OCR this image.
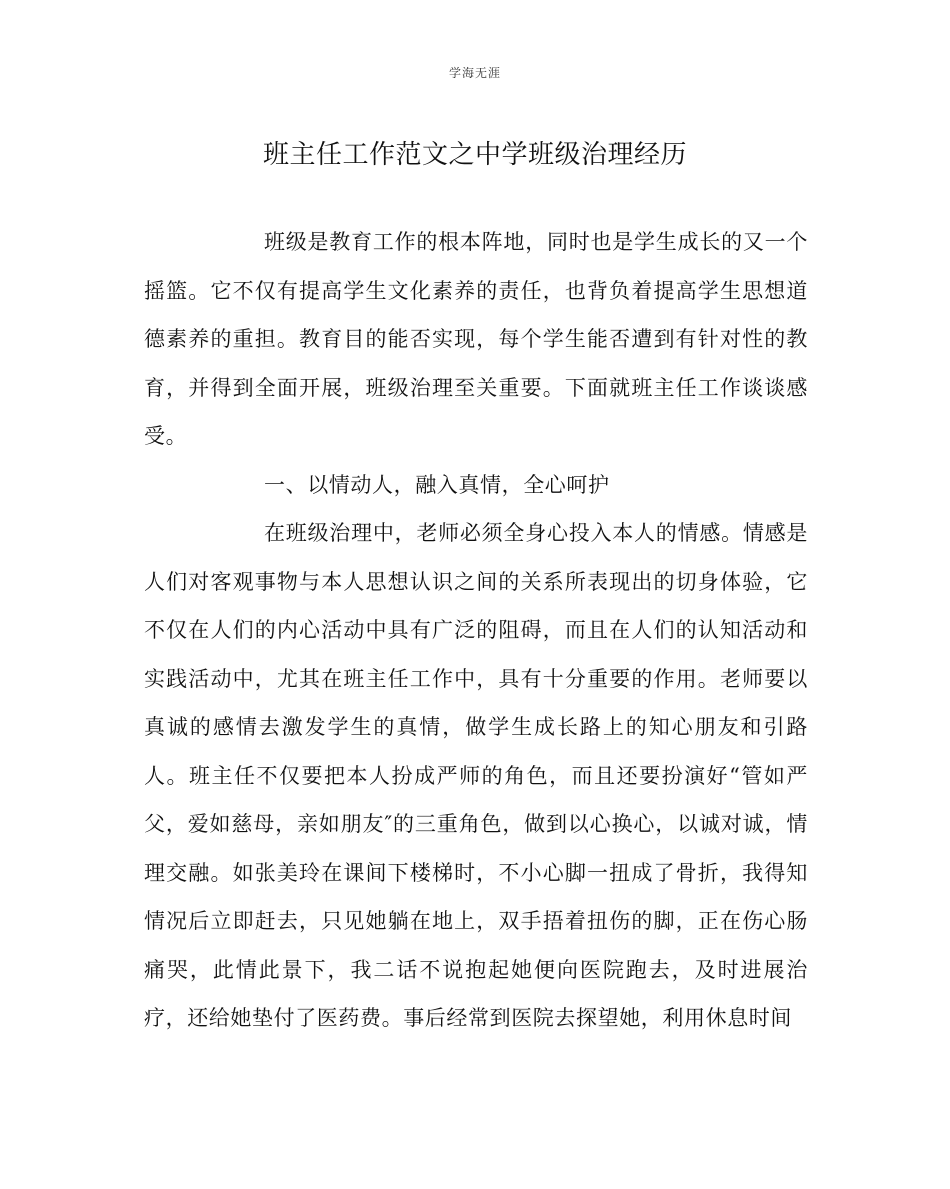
学海无涯
班主任工作范文之中学班级治理经历

班级是教育工作的根本阵地，同时也是学生成长的又一个摇篮。它不仅有提高学生文化素养的责任，也背负着提高学生思想道德素养的重担。教育目的能否实现，每个学生能否遭到有针对性的教育，并得到全面开展，班级治理至关重要。下面就班主任工作谈谈感受。

一、以情动人，融入真情，全心呵护

在班级治理中，老师必须全身心投入本人的情感。情感是人们对客观事物与本人思想认识之间的关系所表现出的切身体验，它不仅在人们的内心活动中具有广泛的阻碍，而且在人们的认知活动和实践活动中，尤其在班主任工作中，具有十分重要的作用。老师要以真诚的感情去激发学生的真情，做学生成长路上的知心朋友和引路人。班主任不仅要把本人扮成严师的角色，而且还要扮演好“管如严父，爱如慈母，亲如朋友″的三重角色，做到以心换心，以诚对诚，情理交融。如张美玲在课间下楼梯时，不小心脚一扭成了骨折，我得知情况后立即赶去，只见她躺在地上，双手捂着扭伤的脚，正在伤心肠痛哭，此情此景下，我二话不说抱起她便向医院跑去，及时进展治疗，还给她垫付了医药费。事后经常到医院去探望她，利用休息时间
